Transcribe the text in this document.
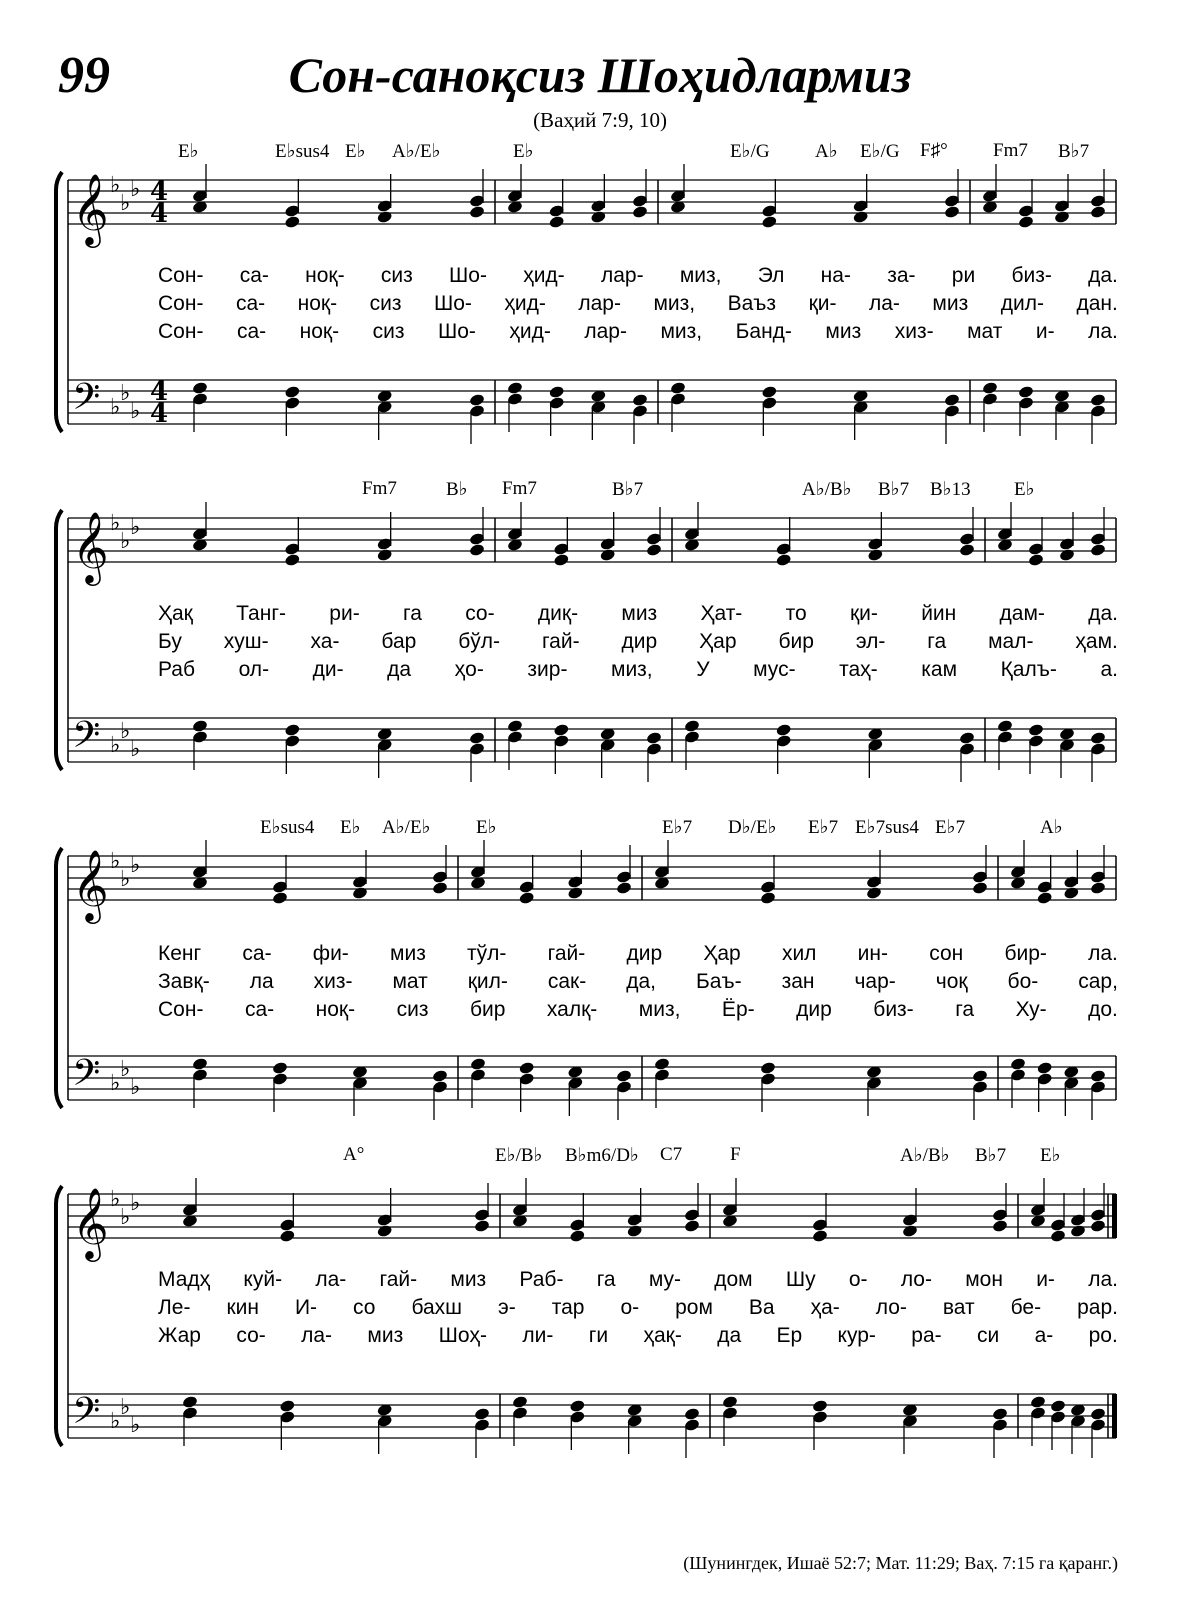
99	Сон-саноқсиз Шоҳидлармиз
(Ваҳий 7:9, 10)
𝄞 ♭
♭
♭ 4
4
𝄢 ♭
♭
♭
4
4
E♭	E♭sus4 E♭ A♭/E♭	E♭	E♭/G A♭ E♭/G F♯° Fm7 B♭7
Сон- са- ноқ- сиз Шо- ҳид- лар- миз, Эл на- за- ри биз- да.
Сон- са- ноқ- сиз Шо- ҳид- лар- миз, Ваъз қи- ла- миз дил- дан.
Сон- са- ноқ- сиз Шо- ҳид- лар- миз, Банд- миз хиз- мат и- ла.
𝄞 ♭
♭
♭
𝄢 ♭
♭
♭
Fm7	B♭ Fm7	B♭7	A♭/B♭ B♭7 B♭13 E♭
Ҳақ Танг- ри- га со- диқ- миз Ҳат- то қи- йин дам- да.
Бу хуш- ха- бар бўл- гай- дир Ҳар бир эл- га мал- ҳам.
Раб ол- ди- да ҳо- зир- миз, У мус- таҳ- кам Қалъ- а.
𝄞 ♭
♭
♭
𝄢 ♭
♭
♭
E♭sus4 E♭ A♭/E♭ E♭	E♭7 D♭/E♭ E♭7 E♭7sus4 E♭7	A♭
Кенг са- фи- миз тўл- гай- дир Ҳар хил ин- сон бир- ла.
Завқ- ла хиз- мат қил- сак- да, Баъ- зан чар- чоқ бо- сар,
Сон- са- ноқ- сиз бир халқ- миз, Ёр- дир биз- га Ху- до.
𝄞 ♭
♭
♭
𝄢 ♭
♭
♭
A°	E♭/B♭ B♭m6/D♭ C7	F	A♭/B♭ B♭7 E♭
Мадҳ куй- ла- гай- миз Раб- га му- дом Шу о- ло- мон и- ла.
Ле- кин И- со бахш э- тар о- ром Ва ҳа- ло- ват бе- рар.
Жар со- ла- миз Шоҳ- ли- ги ҳақ- да Ер кур- ра- си а- ро.
(Шунингдек, Ишаё 52:7; Мат. 11:29; Ваҳ. 7:15 га қаранг.)
